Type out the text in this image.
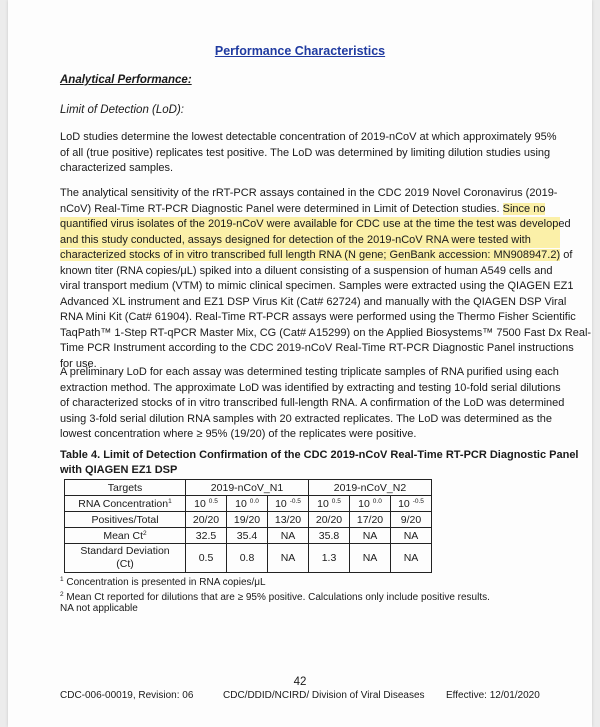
Performance Characteristics
Analytical Performance:
Limit of Detection (LoD):
LoD studies determine the lowest detectable concentration of 2019-nCoV at which approximately 95%
of all (true positive) replicates test positive. The LoD was determined by limiting dilution studies using
characterized samples.
The analytical sensitivity of the rRT-PCR assays contained in the CDC 2019 Novel Coronavirus (2019-
nCoV) Real-Time RT-PCR Diagnostic Panel were determined in Limit of Detection studies. Since no
quantified virus isolates of the 2019-nCoV were available for CDC use at the time the test was developed
and this study conducted, assays designed for detection of the 2019-nCoV RNA were tested with
characterized stocks of in vitro transcribed full length RNA (N gene; GenBank accession: MN908947.2) of
known titer (RNA copies/μL) spiked into a diluent consisting of a suspension of human A549 cells and
viral transport medium (VTM) to mimic clinical specimen. Samples were extracted using the QIAGEN EZ1
Advanced XL instrument and EZ1 DSP Virus Kit (Cat# 62724) and manually with the QIAGEN DSP Viral
RNA Mini Kit (Cat# 61904). Real-Time RT-PCR assays were performed using the Thermo Fisher Scientific
TaqPath™ 1-Step RT-qPCR Master Mix, CG (Cat# A15299) on the Applied Biosystems™ 7500 Fast Dx Real-
Time PCR Instrument according to the CDC 2019-nCoV Real-Time RT-PCR Diagnostic Panel instructions
for use.
A preliminary LoD for each assay was determined testing triplicate samples of RNA purified using each
extraction method. The approximate LoD was identified by extracting and testing 10-fold serial dilutions
of characterized stocks of in vitro transcribed full-length RNA. A confirmation of the LoD was determined
using 3-fold serial dilution RNA samples with 20 extracted replicates. The LoD was determined as the
lowest concentration where ≥ 95% (19/20) of the replicates were positive.
Table 4. Limit of Detection Confirmation of the CDC 2019-nCoV Real-Time RT-PCR Diagnostic Panel
with QIAGEN EZ1 DSP
Targets	2019-nCoV_N1			2019-nCoV_N2		
RNA Concentration$^1$	10 $^{0.5}$	10 $^{0.0}$	10 $^{-0.5}$	10 $^{0.5}$	10 $^{0.0}$	10 $^{-0.5}$
Positives/Total	20/20	19/20	13/20	20/20	17/20	9/20
Mean Ct$^2$	32.5	35.4	NA	35.8	NA	NA

Standard Deviation
(Ct)	0.5	0.8	NA	1.3	NA	NA
$^1$ Concentration is presented in RNA copies/μL
$^2$ Mean Ct reported for dilutions that are ≥ 95% positive. Calculations only include positive results.
NA not applicable
42
CDC-006-00019, Revision: 06	CDC/DDID/NCIRD/ Division of Viral Diseases Effective: 12/01/2020
